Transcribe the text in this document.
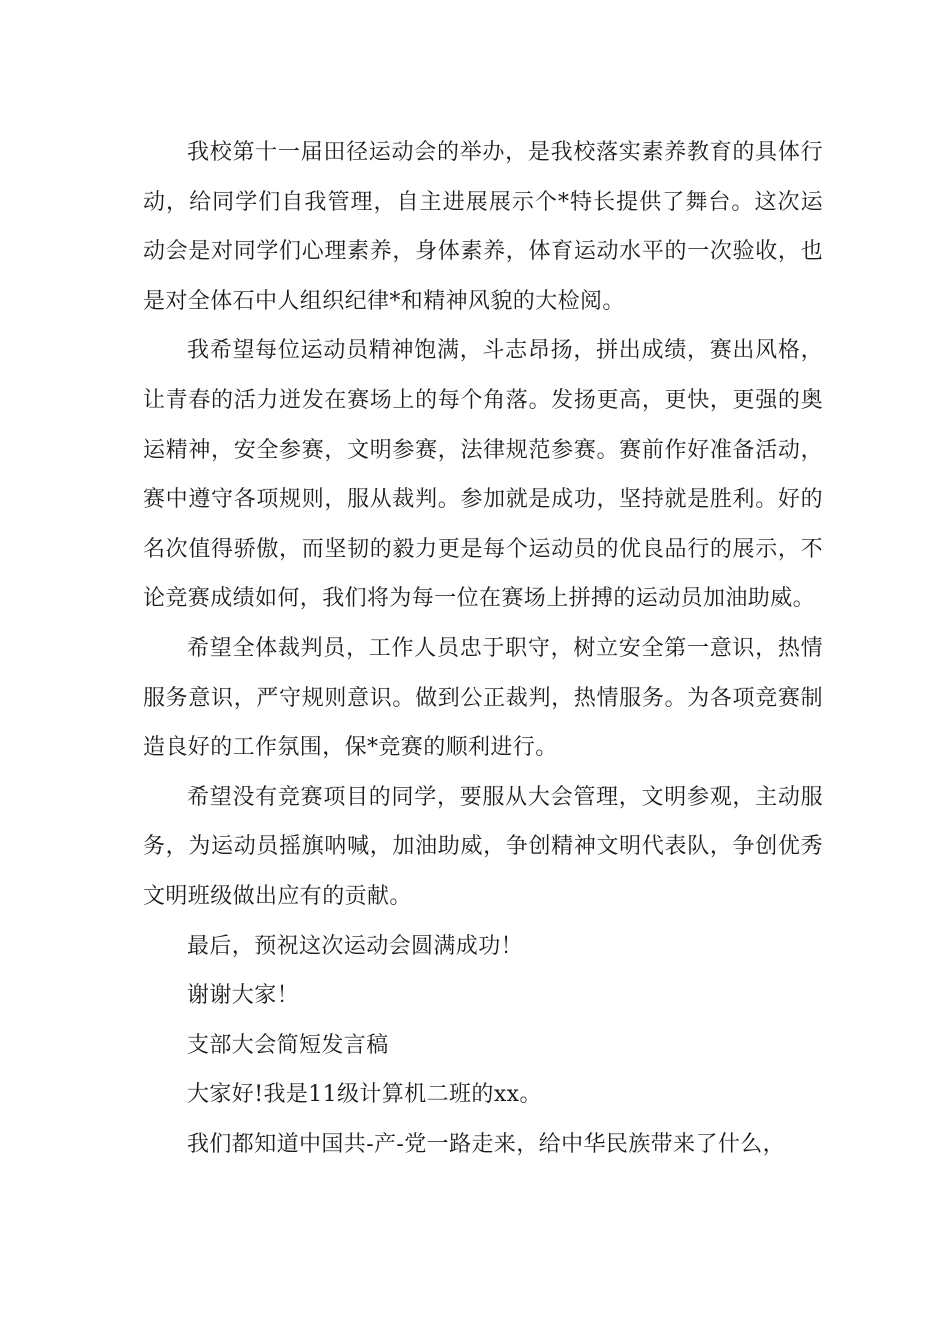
我校第十一届田径运动会的举办，是我校落实素养教育的具体行动，给同学们自我管理，自主进展展示个*特长提供了舞台。这次运动会是对同学们心理素养，身体素养，体育运动水平的一次验收，也是对全体石中人组织纪律*和精神风貌的大检阅。

我希望每位运动员精神饱满，斗志昂扬，拼出成绩，赛出风格，让青春的活力迸发在赛场上的每个角落。发扬更高，更快，更强的奥运精神，安全参赛，文明参赛，法律规范参赛。赛前作好准备活动，赛中遵守各项规则，服从裁判。参加就是成功，坚持就是胜利。好的名次值得骄傲，而坚韧的毅力更是每个运动员的优良品行的展示，不论竞赛成绩如何，我们将为每一位在赛场上拼搏的运动员加油助威。

希望全体裁判员，工作人员忠于职守，树立安全第一意识，热情服务意识，严守规则意识。做到公正裁判，热情服务。为各项竞赛制造良好的工作氛围，保*竞赛的顺利进行。

希望没有竞赛项目的同学，要服从大会管理，文明参观，主动服务，为运动员摇旗呐喊，加油助威，争创精神文明代表队，争创优秀文明班级做出应有的贡献。

最后，预祝这次运动会圆满成功！

谢谢大家！

支部大会简短发言稿

大家好!我是11级计算机二班的xx。

我们都知道中国共-产-党一路走来，给中华民族带来了什么，
